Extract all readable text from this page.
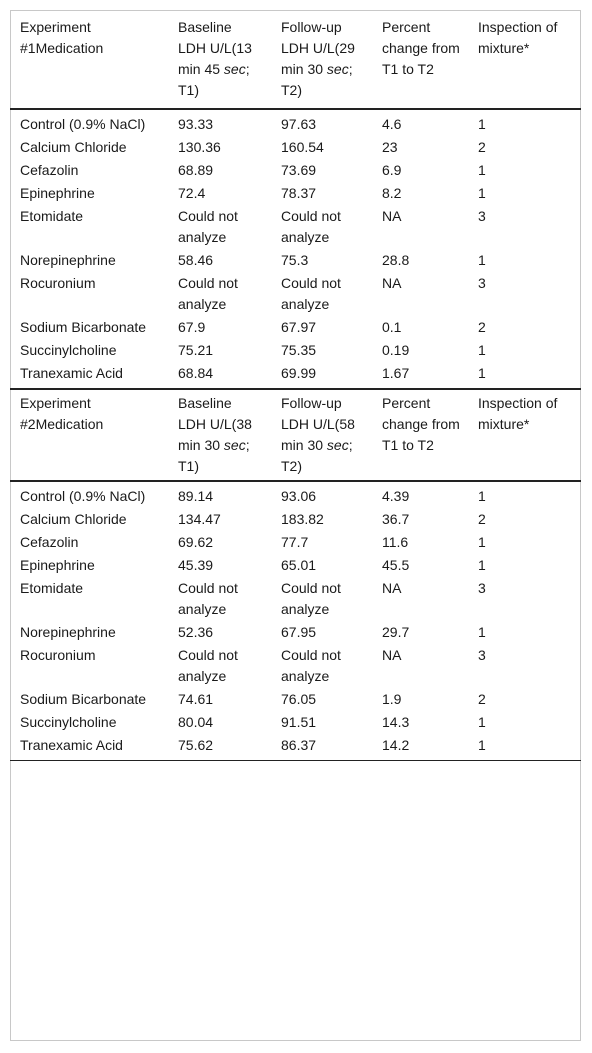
Experiment #1Medication	Baseline LDH U/L(13 min 45 sec; T1)	Follow-up LDH U/L(29 min 30 sec; T2)	Percent change from T1 to T2	Inspection of mixture*
Control (0.9% NaCl)	93.33	97.63	4.6	1
Calcium Chloride	130.36	160.54	23	2
Cefazolin	68.89	73.69	6.9	1
Epinephrine	72.4	78.37	8.2	1
Etomidate	Could not analyze	Could not analyze	NA	3
Norepinephrine	58.46	75.3	28.8	1
Rocuronium	Could not analyze	Could not analyze	NA	3
Sodium Bicarbonate	67.9	67.97	0.1	2
Succinylcholine	75.21	75.35	0.19	1
Tranexamic Acid	68.84	69.99	1.67	1
Experiment #2Medication	Baseline LDH U/L(38 min 30 sec; T1)	Follow-up LDH U/L(58 min 30 sec; T2)	Percent change from T1 to T2	Inspection of mixture*
Control (0.9% NaCl)	89.14	93.06	4.39	1
Calcium Chloride	134.47	183.82	36.7	2
Cefazolin	69.62	77.7	11.6	1
Epinephrine	45.39	65.01	45.5	1
Etomidate	Could not analyze	Could not analyze	NA	3
Norepinephrine	52.36	67.95	29.7	1
Rocuronium	Could not analyze	Could not analyze	NA	3
Sodium Bicarbonate	74.61	76.05	1.9	2
Succinylcholine	80.04	91.51	14.3	1
Tranexamic Acid	75.62	86.37	14.2	1
